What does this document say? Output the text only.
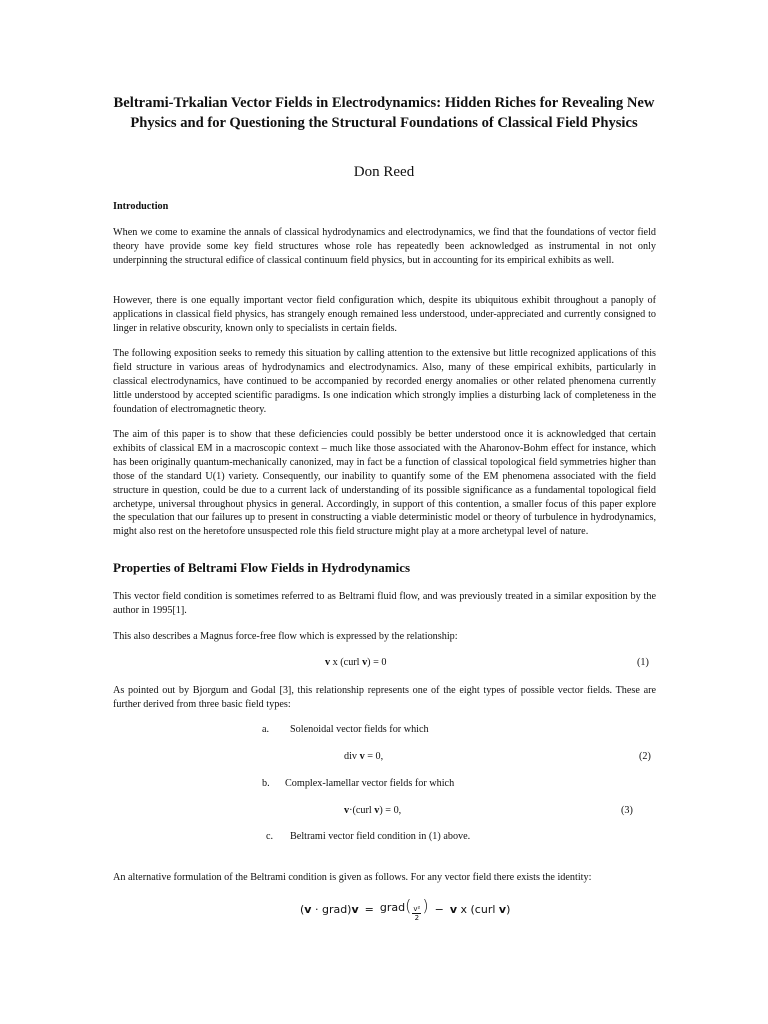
Beltrami-Trkalian Vector Fields in Electrodynamics: Hidden Riches for Revealing New Physics and for Questioning the Structural Foundations of Classical Field Physics
Don Reed
Introduction

When we come to examine the annals of classical hydrodynamics and electrodynamics, we find that the foundations of vector field theory have provide some key field structures whose role has repeatedly been acknowledged as instrumental in not only underpinning the structural edifice of classical continuum field physics, but in accounting for its empirical exhibits as well.

However, there is one equally important vector field configuration which, despite its ubiquitous exhibit throughout a panoply of applications in classical field physics, has strangely enough remained less understood, under-appreciated and currently consigned to linger in relative obscurity, known only to specialists in certain fields.

The following exposition seeks to remedy this situation by calling attention to the extensive but little recognized applications of this field structure in various areas of hydrodynamics and electrodynamics. Also, many of these empirical exhibits, particularly in classical electrodynamics, have continued to be accompanied by recorded energy anomalies or other related phenomena currently little understood by accepted scientific paradigms. Is one indication which strongly implies a disturbing lack of completeness in the foundation of electromagnetic theory.

The aim of this paper is to show that these deficiencies could possibly be better understood once it is acknowledged that certain exhibits of classical EM in a macroscopic context – much like those associated with the Aharonov-Bohm effect for instance, which has been originally quantum-mechanically canonized, may in fact be a function of classical topological field symmetries higher than those of the standard U(1) variety. Consequently, our inability to quantify some of the EM phenomena associated with the field structure in question, could be due to a current lack of understanding of its possible significance as a fundamental topological field archetype, universal throughout physics in general. Accordingly, in support of this contention, a smaller focus of this paper explore the speculation that our failures up to present in constructing a viable deterministic model or theory of turbulence in hydrodynamics, might also rest on the heretofore unsuspected role this field structure might play at a more archetypal level of nature.

Properties of Beltrami Flow Fields in Hydrodynamics

This vector field condition is sometimes referred to as Beltrami fluid flow, and was previously treated in a similar exposition by the author in 1995[1].

This also describes a Magnus force-free flow which is expressed by the relationship:

v x (curl v) = 0	(1)

As pointed out by Bjorgum and Godal [3], this relationship represents one of the eight types of possible vector fields. These are further derived from three basic field types:

a. Solenoidal vector fields for which
div v = 0,	(2)
b. Complex-lamellar vector fields for which
v·(curl v) = 0,	(3)
c. Beltrami vector field condition in (1) above.

An alternative formulation of the Beltrami condition is given as follows. For any vector field there exists the identity:

(v · grad)v = grad( $\frac{\text{v²}}{2}$ ) − v x (curl v)
